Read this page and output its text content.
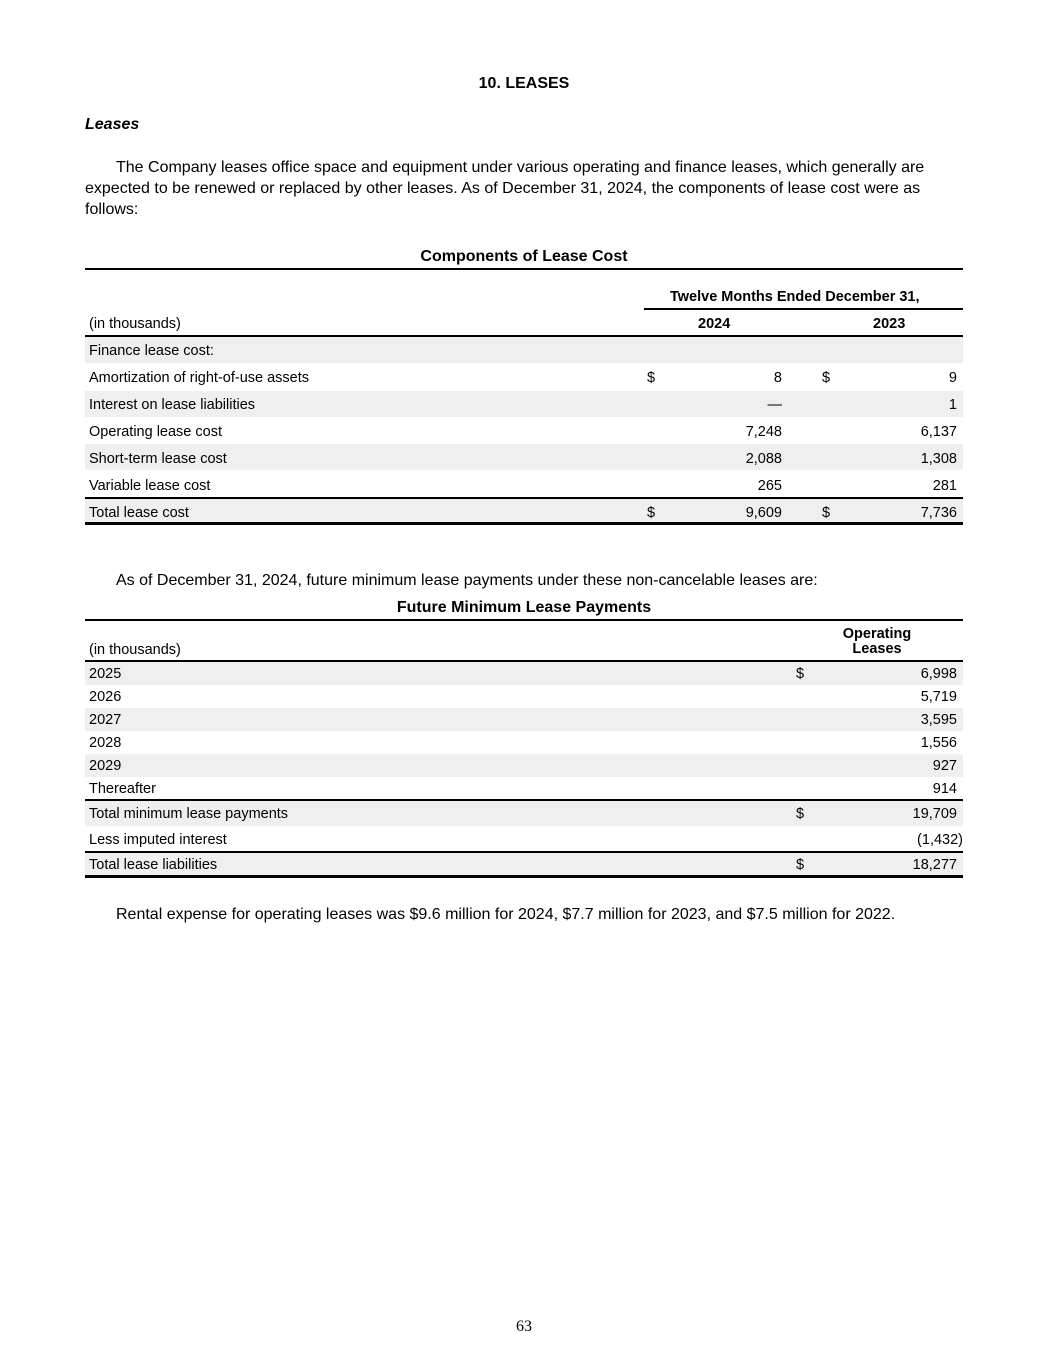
10. LEASES
Leases
The Company leases office space and equipment under various operating and finance leases, which generally are expected to be renewed or replaced by other leases. As of December 31, 2024, the components of lease cost were as follows:
Components of Lease Cost
Twelve Months Ended December 31,
(in thousands)	2024	2023
Finance lease cost:
Amortization of right-of-use assets	$	8	$	9
Interest on lease liabilities	—	1
Operating lease cost	7,248	6,137
Short-term lease cost	2,088	1,308
Variable lease cost	265	281
Total lease cost	$	9,609	$	7,736
As of December 31, 2024, future minimum lease payments under these non-cancelable leases are:
Future Minimum Lease Payments
Operating
Leases
(in thousands)
2025	$	6,998
2026	5,719
2027	3,595
2028	1,556
2029	927
Thereafter	914
Total minimum lease payments	$	19,709
Less imputed interest	(1,432)
Total lease liabilities	$	18,277
Rental expense for operating leases was $9.6 million for 2024, $7.7 million for 2023, and $7.5 million for 2022.
63
